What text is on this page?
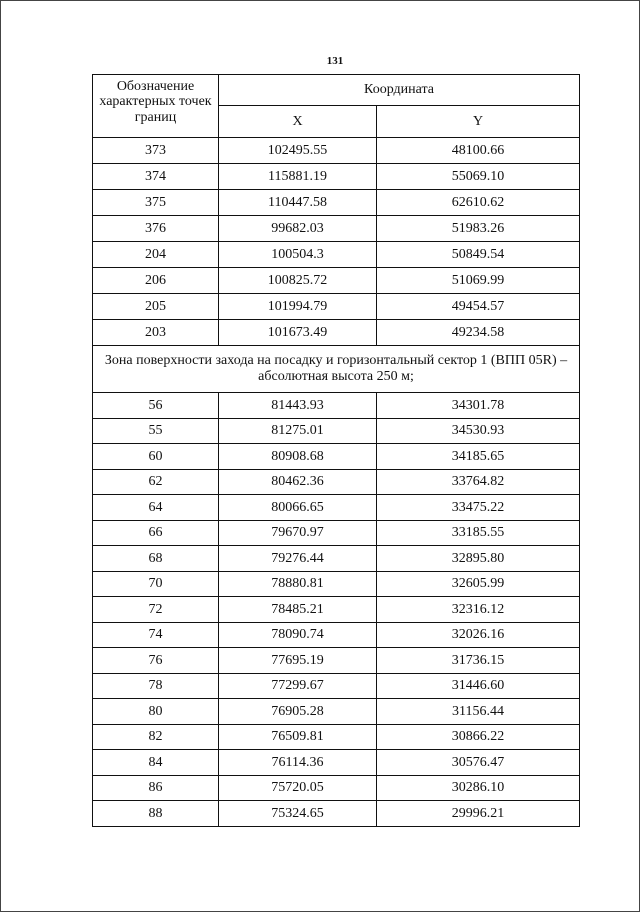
131
Обозначение характерных точек границ	Координата	
	X	Y
373	102495.55	48100.66
374	115881.19	55069.10
375	110447.58	62610.62
376	99682.03	51983.26
204	100504.3	50849.54
206	100825.72	51069.99
205	101994.79	49454.57
203	101673.49	49234.58
Зона поверхности захода на посадку и горизонтальный сектор 1 (ВПП 05R) – абсолютная высота 250 м;		
56	81443.93	34301.78
55	81275.01	34530.93
60	80908.68	34185.65
62	80462.36	33764.82
64	80066.65	33475.22
66	79670.97	33185.55
68	79276.44	32895.80
70	78880.81	32605.99
72	78485.21	32316.12
74	78090.74	32026.16
76	77695.19	31736.15
78	77299.67	31446.60
80	76905.28	31156.44
82	76509.81	30866.22
84	76114.36	30576.47
86	75720.05	30286.10
88	75324.65	29996.21
